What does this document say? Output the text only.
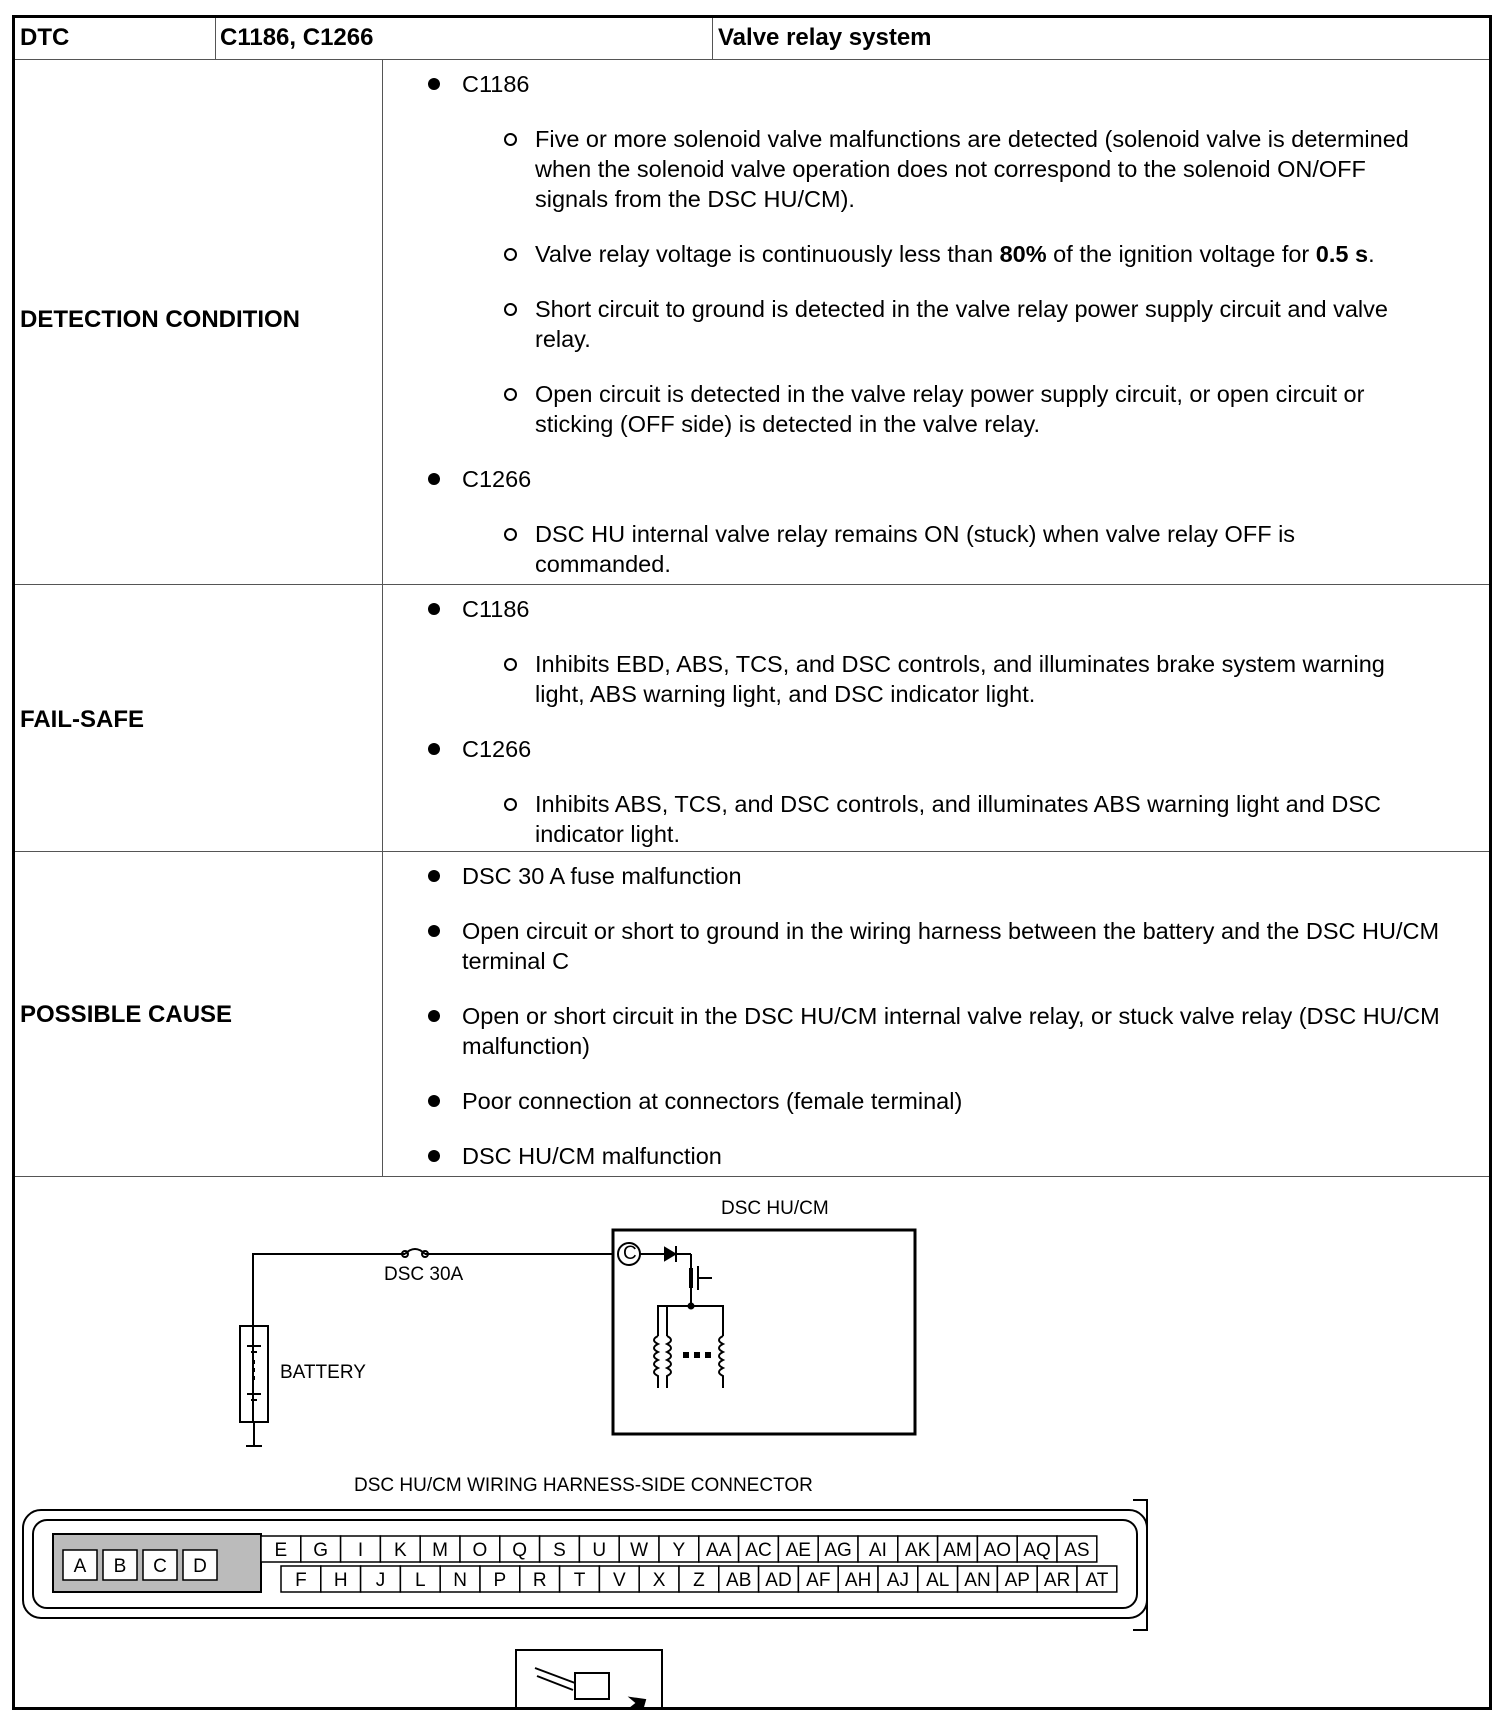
DTC	C1186, C1266	Valve relay system
DETECTION CONDITION

C1186

Five or more solenoid valve malfunctions are detected (solenoid valve is determined when the solenoid valve operation does not correspond to the solenoid ON/OFF signals from the DSC HU/CM).

Valve relay voltage is continuously less than 80% of the ignition voltage for 0.5 s.

Short circuit to ground is detected in the valve relay power supply circuit and valve relay.

Open circuit is detected in the valve relay power supply circuit, or open circuit or sticking (OFF side) is detected in the valve relay.

C1266

DSC HU internal valve relay remains ON (stuck) when valve relay OFF is commanded.

FAIL-SAFE

C1186

Inhibits EBD, ABS, TCS, and DSC controls, and illuminates brake system warning light, ABS warning light, and DSC indicator light.

C1266

Inhibits ABS, TCS, and DSC controls, and illuminates ABS warning light and DSC indicator light.

POSSIBLE CAUSE

DSC 30 A fuse malfunction

Open circuit or short to ground in the wiring harness between the battery and the DSC HU/CM terminal C

Open or short circuit in the DSC HU/CM internal valve relay, or stuck valve relay (DSC HU/CM malfunction)

Poor connection at connectors (female terminal)

DSC HU/CM malfunction

C
DSC HU/CM
DSC 30A
BATTERY
DSC HU/CM WIRING HARNESS-SIDE CONNECTOR
A B C D
E G I K M O Q S U W Y AA AC AE AG AI AK AM AO AQ AS
F H J L N P R T V X Z AB AD AF AH AJ AL AN AP AR AT
